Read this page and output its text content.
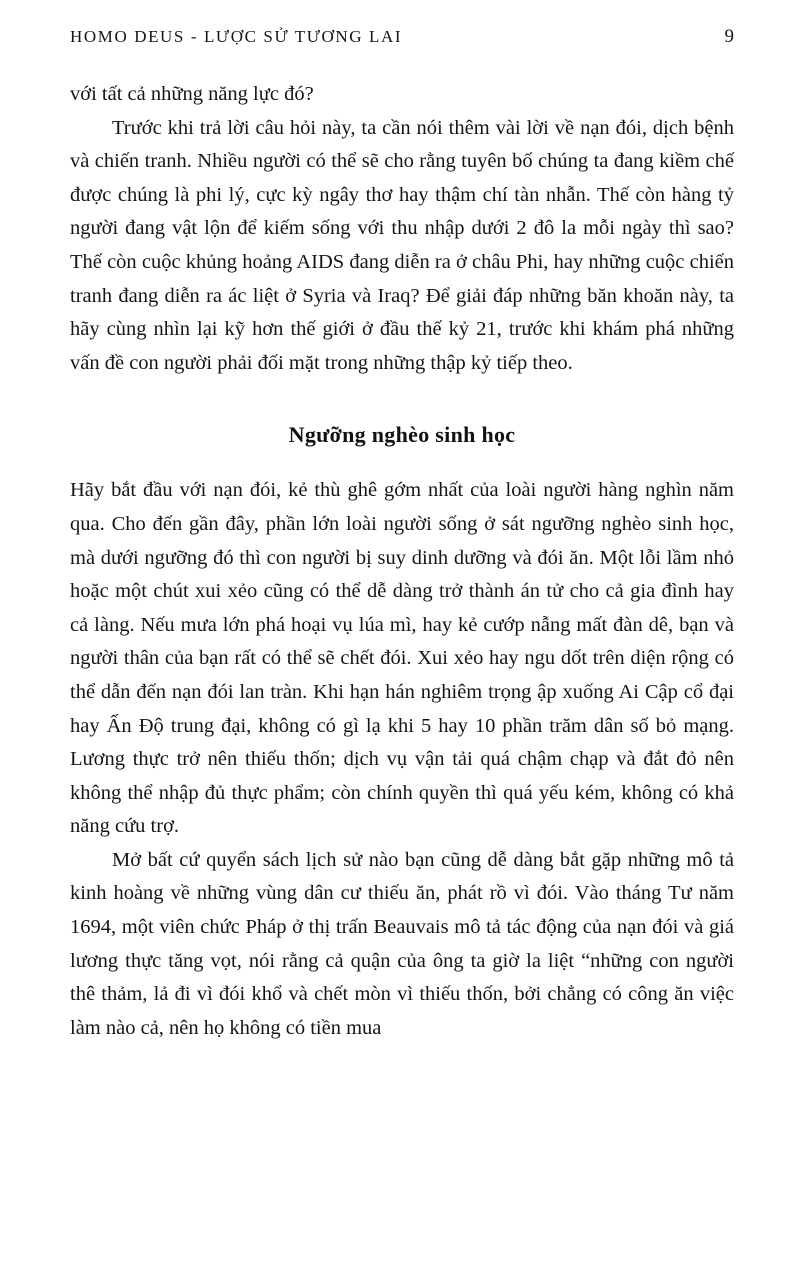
HOMO DEUS - LƯỢC SỬ TƯƠNG LAI	9

với tất cả những năng lực đó?

Trước khi trả lời câu hỏi này, ta cần nói thêm vài lời về nạn đói, dịch bệnh và chiến tranh. Nhiều người có thể sẽ cho rằng tuyên bố chúng ta đang kiềm chế được chúng là phi lý, cực kỳ ngây thơ hay thậm chí tàn nhẫn. Thế còn hàng tỷ người đang vật lộn để kiếm sống với thu nhập dưới 2 đô la mỗi ngày thì sao? Thế còn cuộc khủng hoảng AIDS đang diễn ra ở châu Phi, hay những cuộc chiến tranh đang diễn ra ác liệt ở Syria và Iraq? Để giải đáp những băn khoăn này, ta hãy cùng nhìn lại kỹ hơn thế giới ở đầu thế kỷ 21, trước khi khám phá những vấn đề con người phải đối mặt trong những thập kỷ tiếp theo.

Ngưỡng nghèo sinh học

Hãy bắt đầu với nạn đói, kẻ thù ghê gớm nhất của loài người hàng nghìn năm qua. Cho đến gần đây, phần lớn loài người sống ở sát ngưỡng nghèo sinh học, mà dưới ngưỡng đó thì con người bị suy dinh dưỡng và đói ăn. Một lỗi lầm nhỏ hoặc một chút xui xẻo cũng có thể dễ dàng trở thành án tử cho cả gia đình hay cả làng. Nếu mưa lớn phá hoại vụ lúa mì, hay kẻ cướp nẫng mất đàn dê, bạn và người thân của bạn rất có thể sẽ chết đói. Xui xẻo hay ngu dốt trên diện rộng có thể dẫn đến nạn đói lan tràn. Khi hạn hán nghiêm trọng ập xuống Ai Cập cổ đại hay Ấn Độ trung đại, không có gì lạ khi 5 hay 10 phần trăm dân số bỏ mạng. Lương thực trở nên thiếu thốn; dịch vụ vận tải quá chậm chạp và đắt đỏ nên không thể nhập đủ thực phẩm; còn chính quyền thì quá yếu kém, không có khả năng cứu trợ.

Mở bất cứ quyển sách lịch sử nào bạn cũng dễ dàng bắt gặp những mô tả kinh hoàng về những vùng dân cư thiếu ăn, phát rồ vì đói. Vào tháng Tư năm 1694, một viên chức Pháp ở thị trấn Beauvais mô tả tác động của nạn đói và giá lương thực tăng vọt, nói rằng cả quận của ông ta giờ la liệt “những con người thê thảm, lả đi vì đói khổ và chết mòn vì thiếu thốn, bởi chẳng có công ăn việc làm nào cả, nên họ không có tiền mua
